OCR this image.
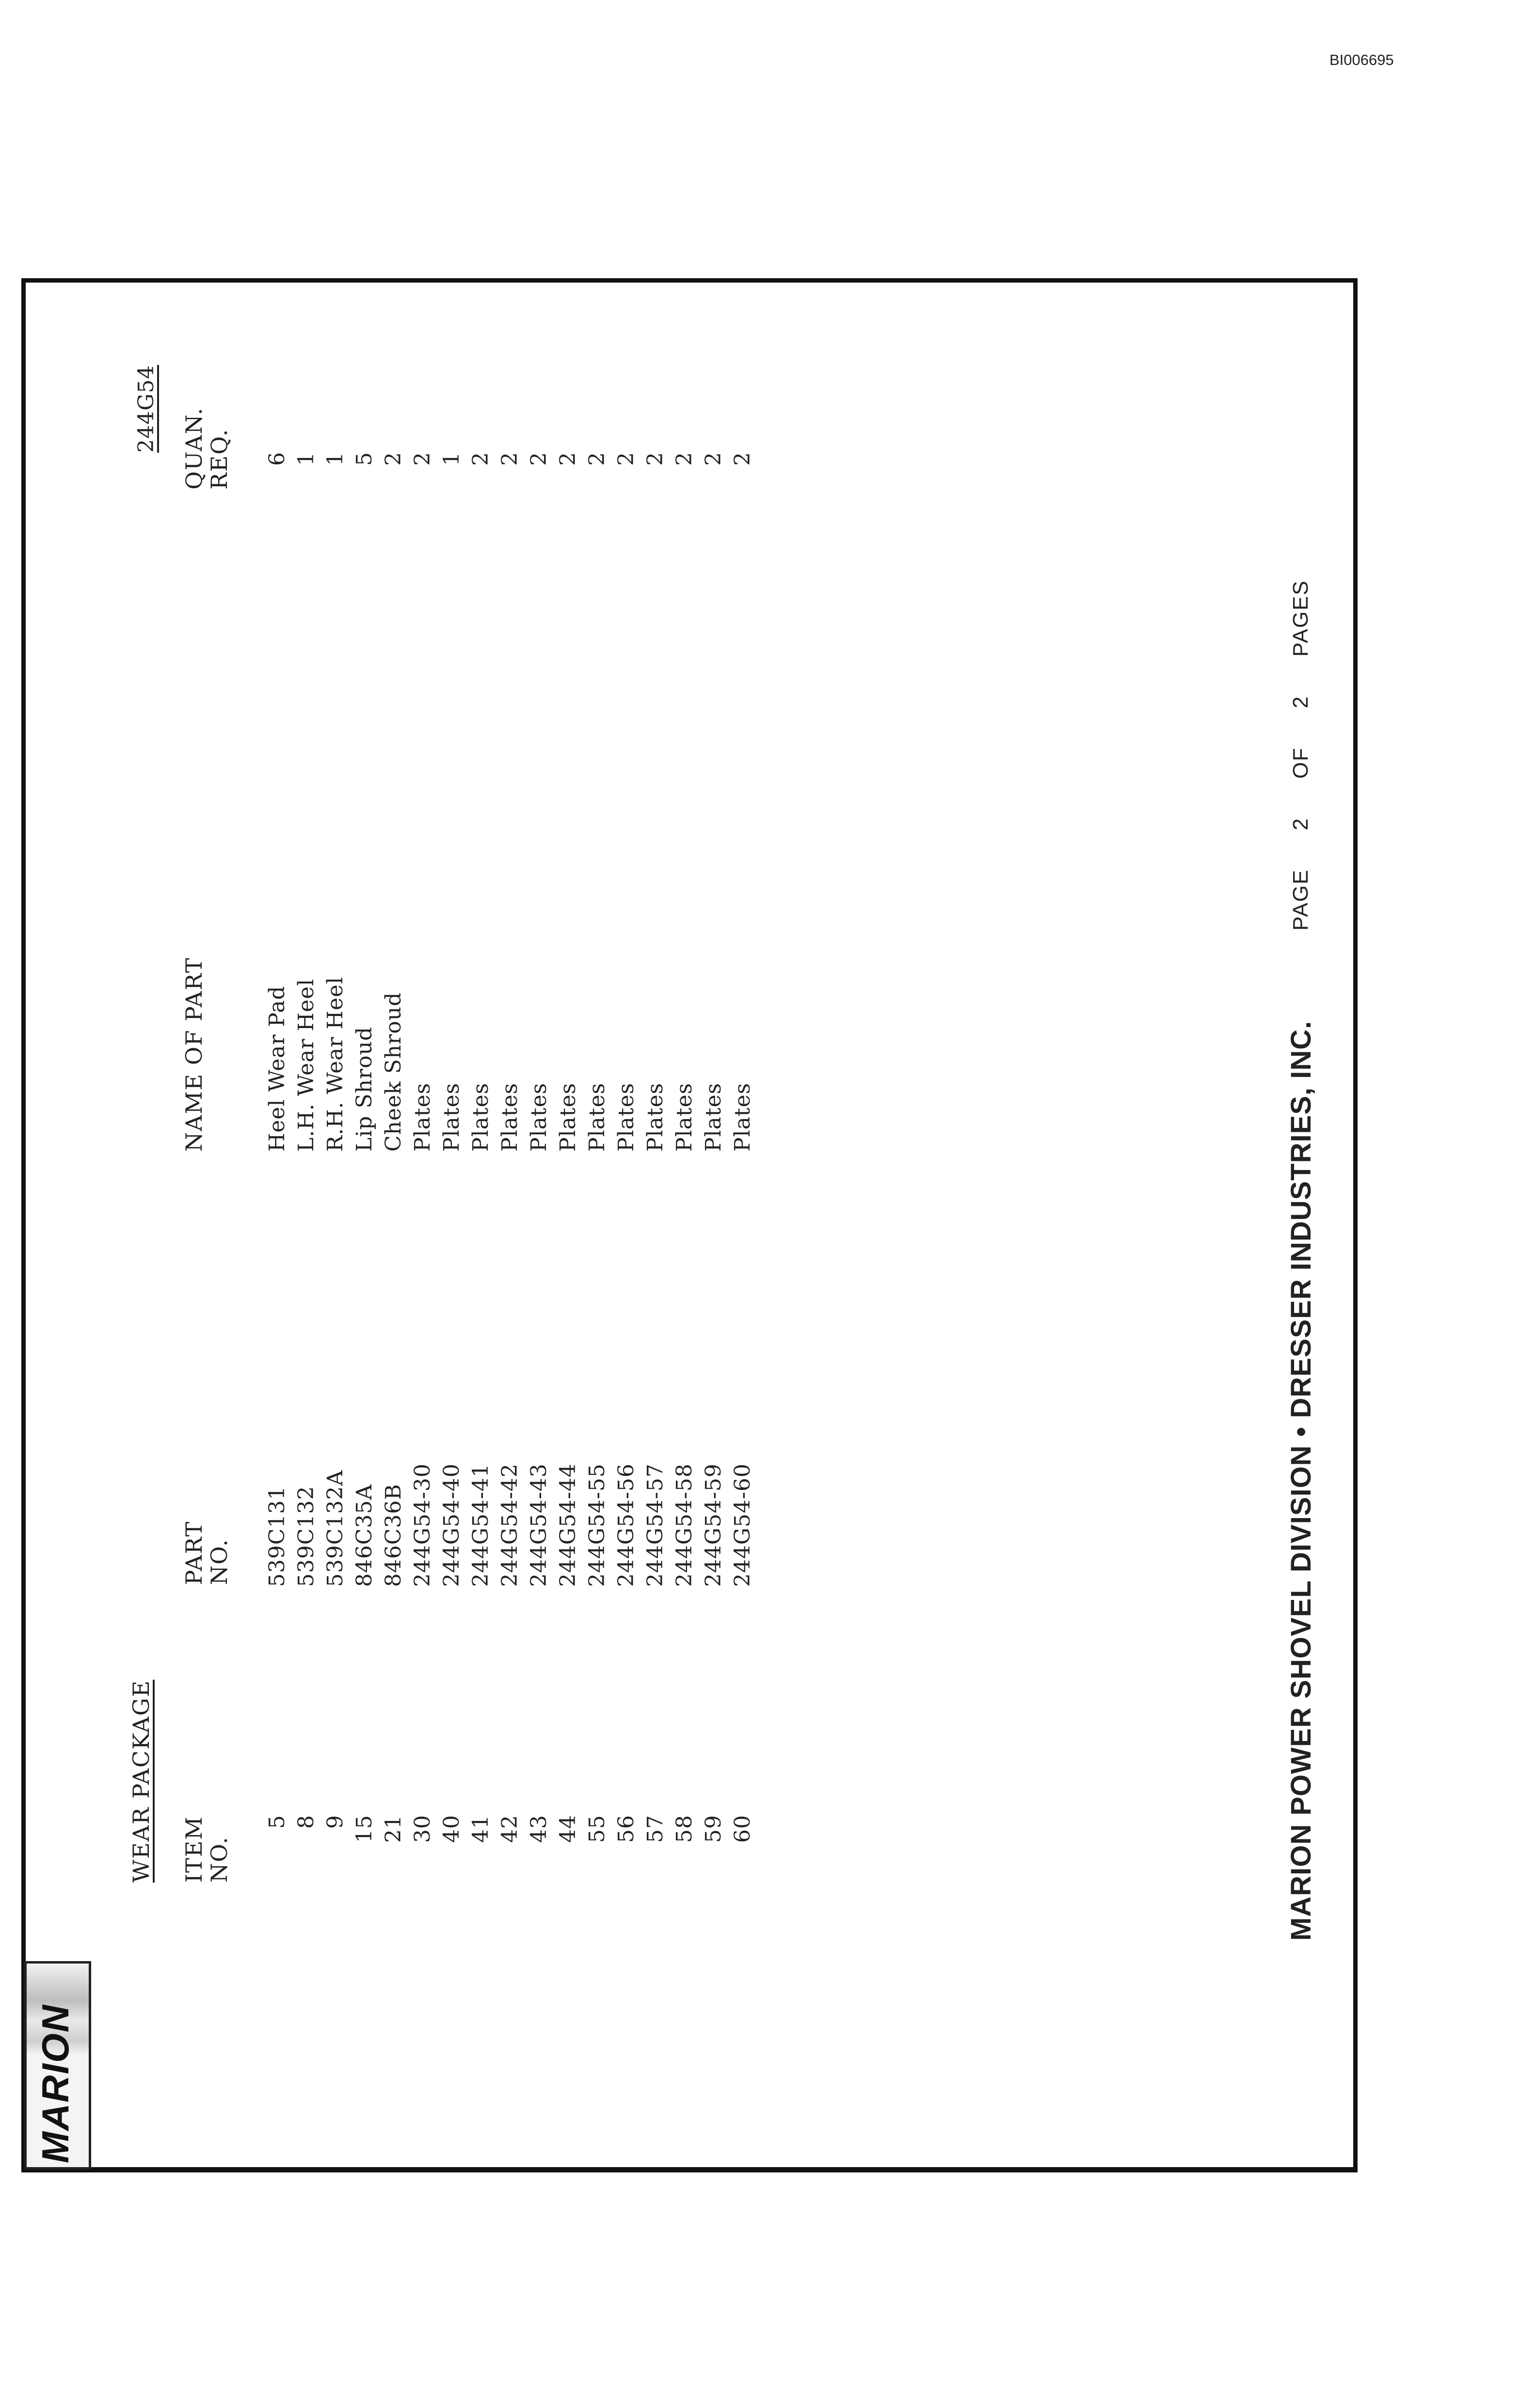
BI006695
MARION
WEAR PACKAGE
244G54
ITEM
NO.
PART
NO.
NAME OF PART
QUAN.
REQ.
5 8 9 15 21 30 40 41 42 43 44 55 56 57 58 59 60
539C131 539C132 539C132A 846C35A 846C36B 244G54-30 244G54-40 244G54-41 244G54-42 244G54-43 244G54-44 244G54-55 244G54-56 244G54-57 244G54-58 244G54-59 244G54-60
Heel Wear Pad L.H. Wear Heel R.H. Wear Heel Lip Shroud Cheek Shroud Plates Plates Plates Plates Plates Plates Plates Plates Plates Plates Plates Plates
6 1 1 5 2 2 1 2 2 2 2 2 2 2 2 2 2
MARION POWER SHOVEL DIVISION • DRESSER INDUSTRIES, INC.
PAGE2OF2PAGES
